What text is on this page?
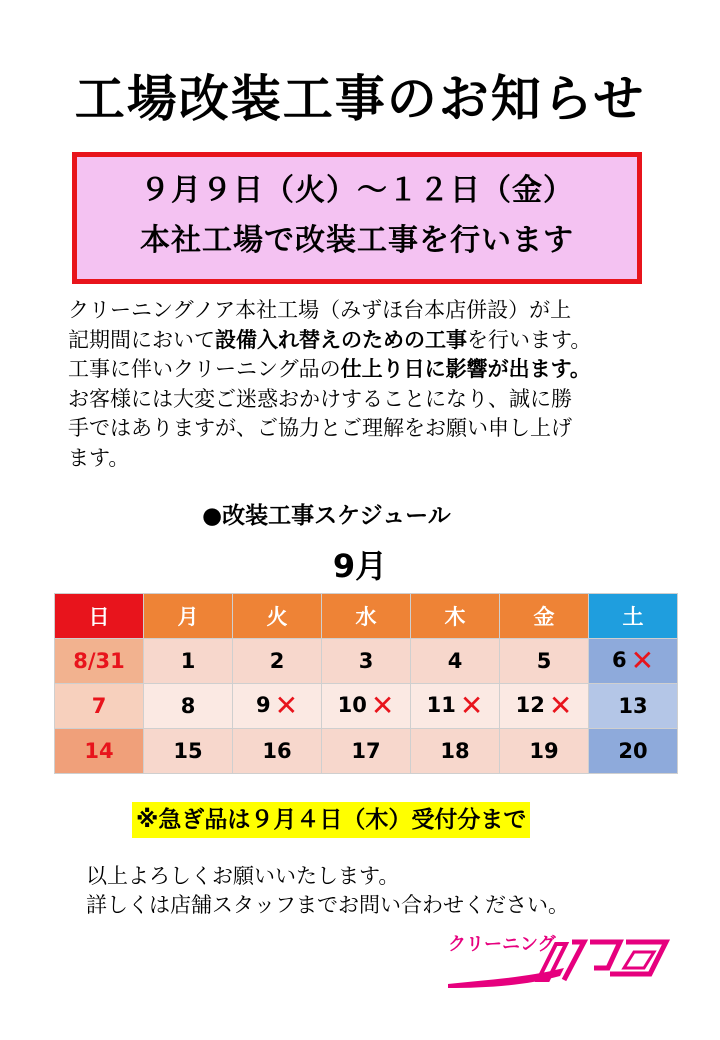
工場改装工事のお知らせ
９月９日（火）～１２日（金）
本社工場で改装工事を行います
クリーニングノア本社工場（みずほ台本店併設）が上
記期間において設備入れ替えのための工事を行います。
工事に伴いクリーニング品の仕上り日に影響が出ます。
お客様には大変ご迷惑おかけすることになり、誠に勝
手ではありますが、ご協力とご理解をお願い申し上げ
ます。
●改装工事スケジュール
9月
日	月	火	水	木	金	土
8/31	1	2	3	4	5	6 ✕
7	8	9 ✕	10 ✕	11 ✕	12 ✕	13
14	15	16	17	18	19	20
※急ぎ品は９月４日（木）受付分まで
以上よろしくお願いいたします。
詳しくは店舗スタッフまでお問い合わせください。
クリーニング
